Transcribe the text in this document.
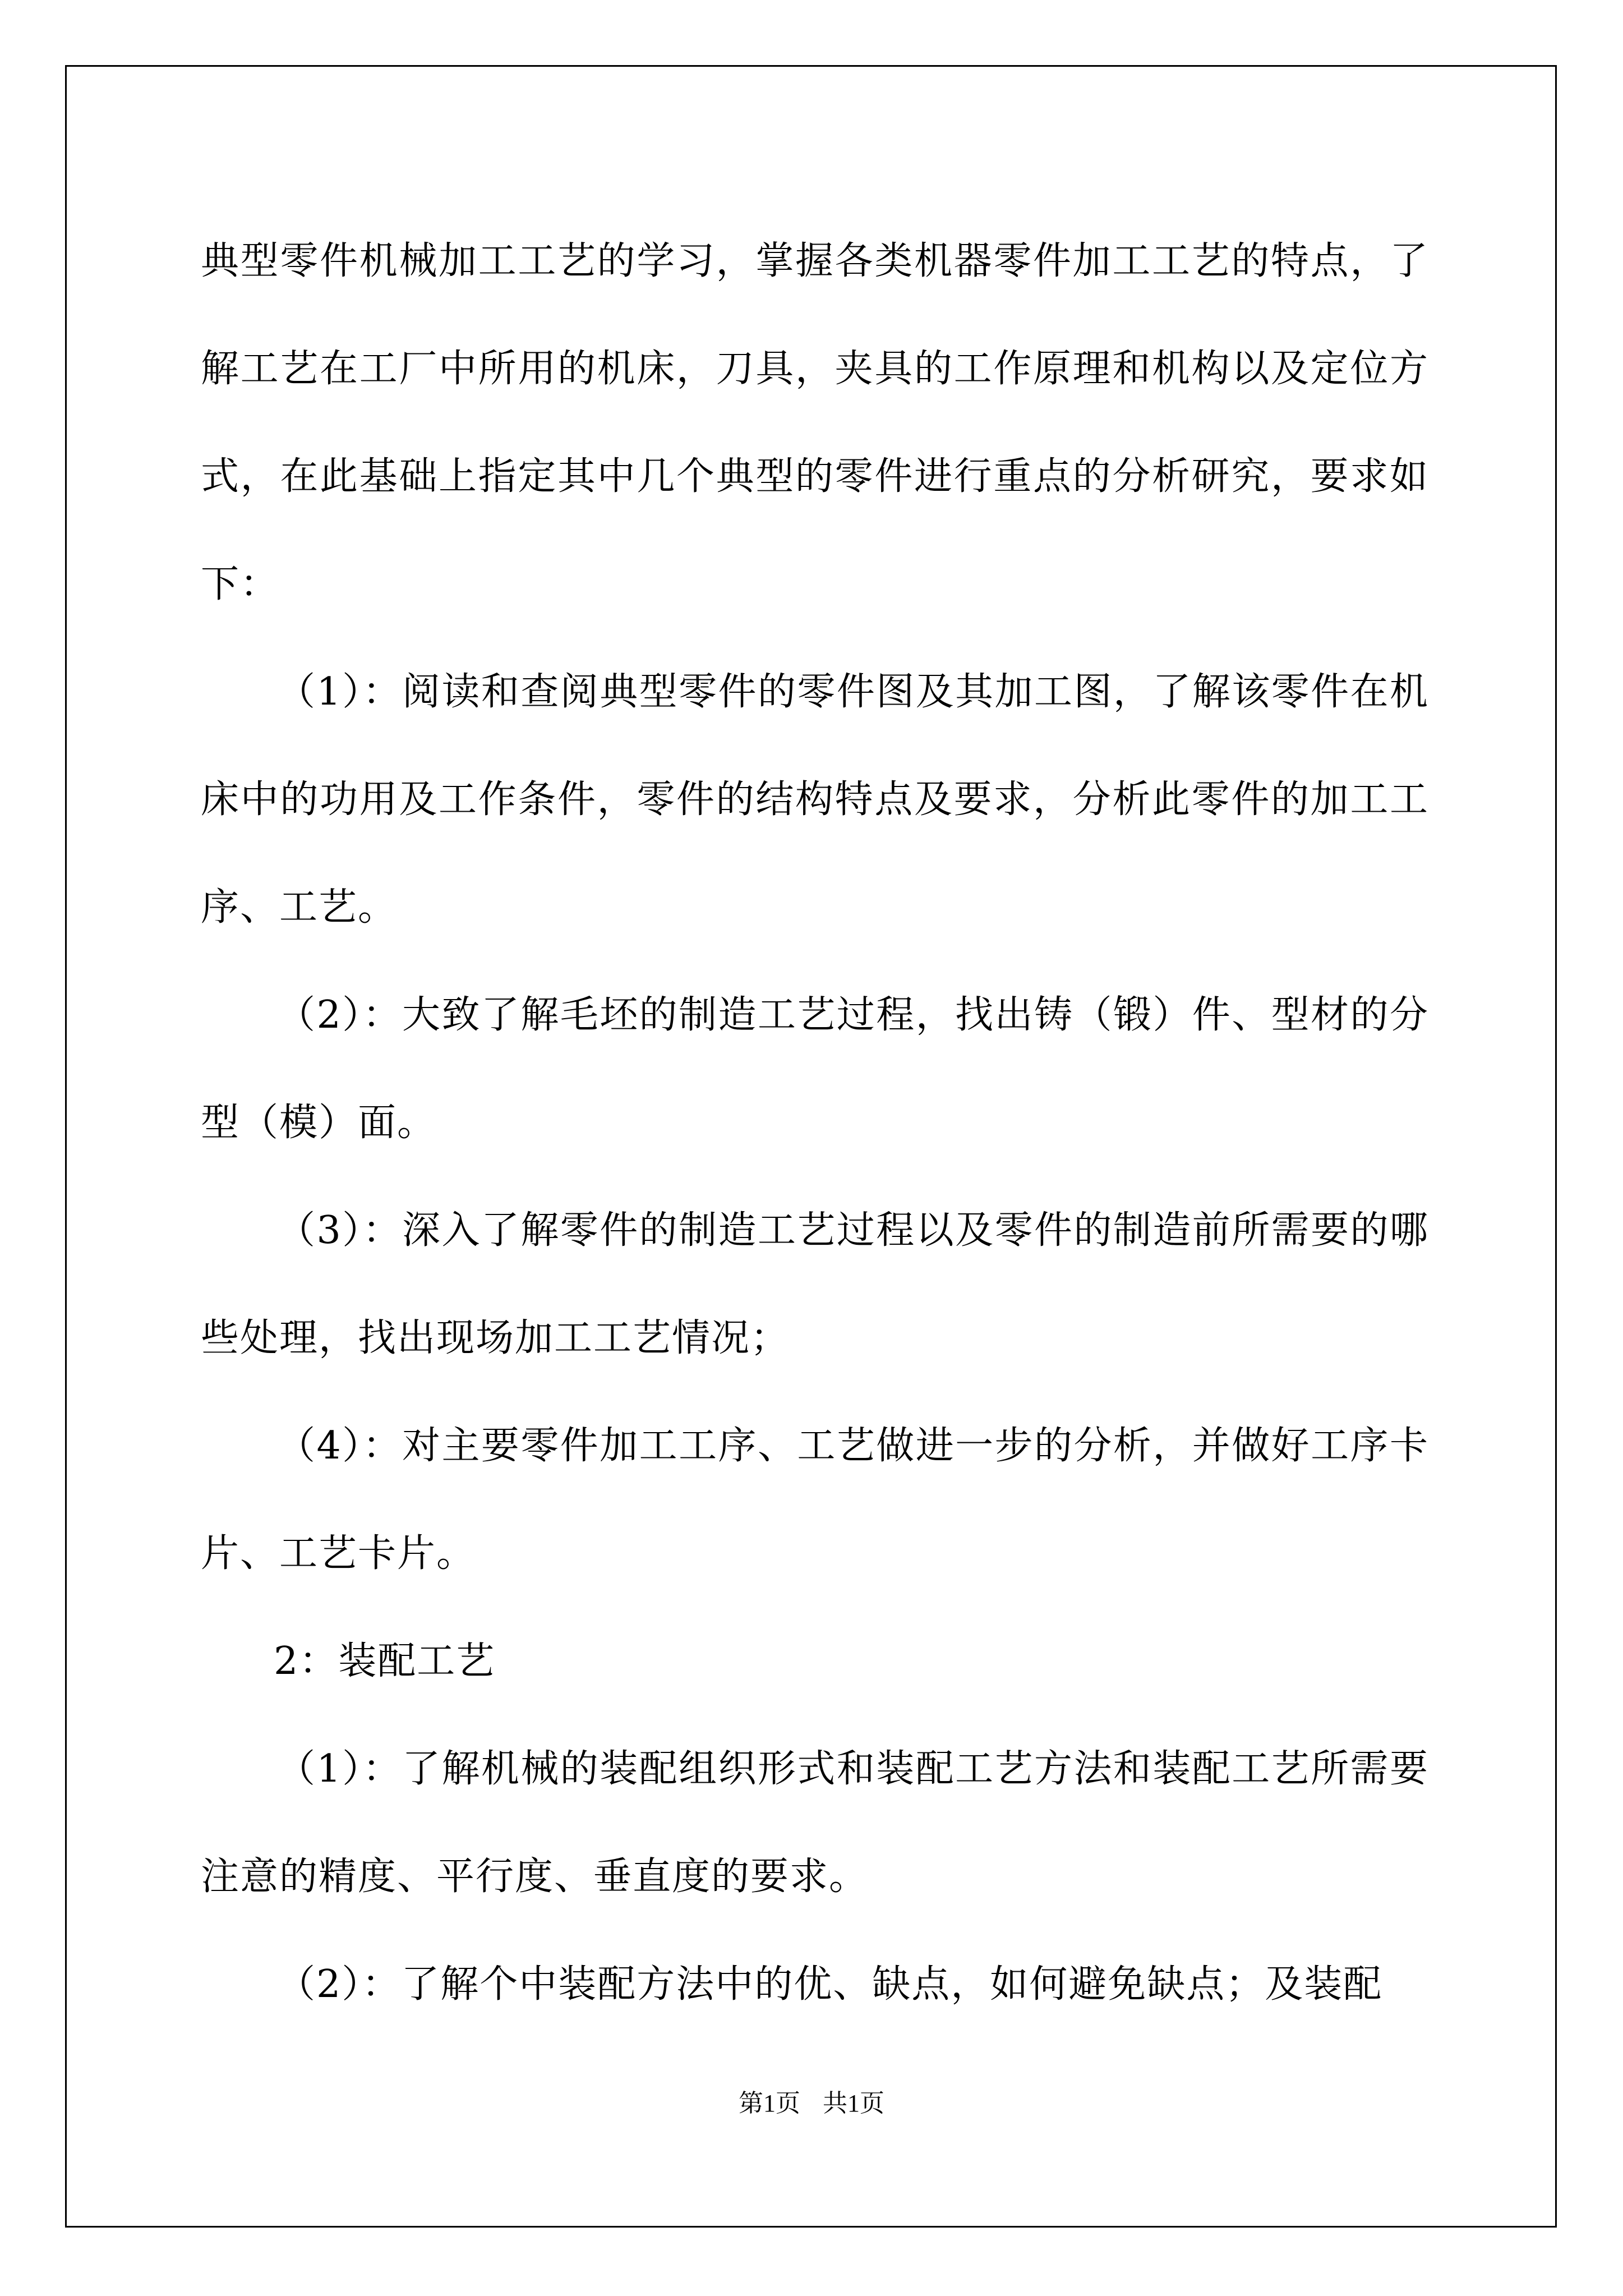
典型零件机械加工工艺的学习，掌握各类机器零件加工工艺的特点，了解工艺在工厂中所用的机床，刀具，夹具的工作原理和机构以及定位方式，在此基础上指定其中几个典型的零件进行重点的分析研究，要求如下：

（1）：阅读和查阅典型零件的零件图及其加工图，了解该零件在机床中的功用及工作条件，零件的结构特点及要求，分析此零件的加工工序、工艺。

（2）：大致了解毛坯的制造工艺过程，找出铸（锻）件、型材的分型（模）面。

（3）：深入了解零件的制造工艺过程以及零件的制造前所需要的哪些处理，找出现场加工工艺情况；

（4）：对主要零件加工工序、工艺做进一步的分析，并做好工序卡片、工艺卡片。

2：装配工艺

（1）：了解机械的装配组织形式和装配工艺方法和装配工艺所需要注意的精度、平行度、垂直度的要求。

（2）：了解个中装配方法中的优、缺点，如何避免缺点；及装配

第1页 共1页
